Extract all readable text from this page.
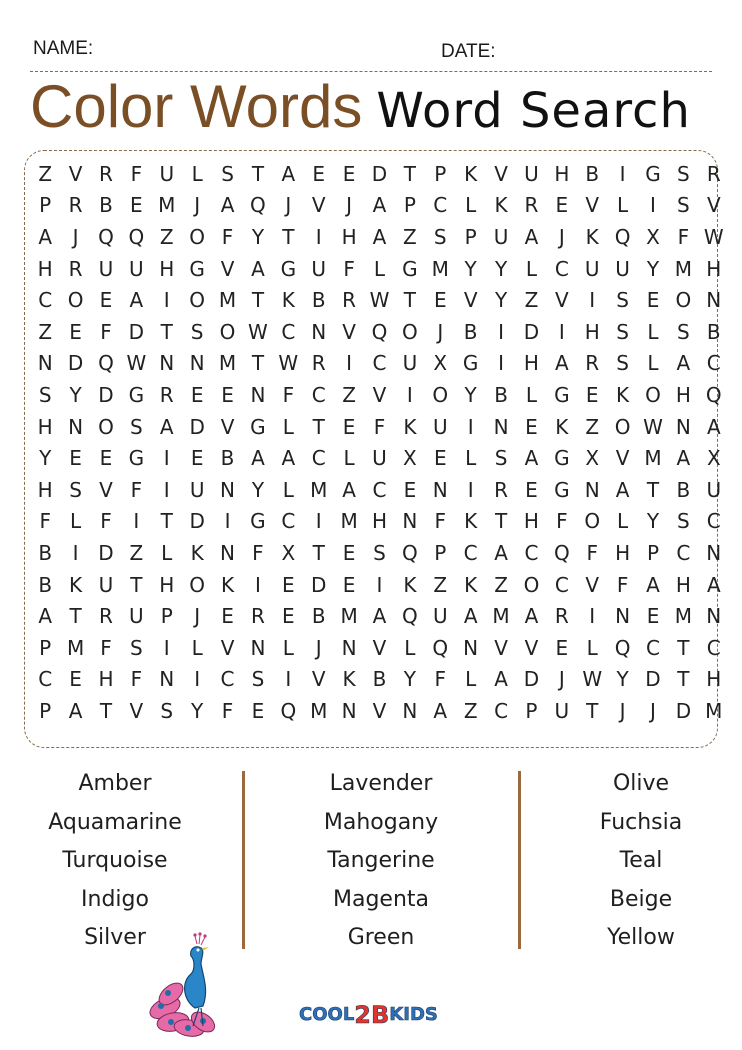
NAME:	DATE:
Color Words Word Search
Z V R F U L S T A E E D T P K V U H B	I G S R
P R B E M J	A Q J	V	J	A P C L K R E V L	I	S V
A	J Q Q Z O F Y T	I H A Z S P U A	J	K Q X F W
H R U U H G V A G U F L G M Y Y L C U U Y M H
C O E A	I O M T K B R W T E V Y Z V	I	S E O N
Z E F D T S O W C N V Q O J	B	I D I H S L S B
N D Q W N N M T W R	I	C U X G I H A R S L A C
S Y D G R E E N F C Z V	I O Y B L G E K O H Q
H N O S A D V G L T E F K U	I N E K Z O W N A
Y E E G I	E B A A C L U X E L S A G X V M A X
H S V F	I	U N Y L M A C E N I	R E G N A T B U
F L F	I	T D I G C	I M H N F K T H F O L Y S C
B	I D Z L K N F X T E S Q P C A C Q F H P C N
B K U T H O K	I	E D E	I	K Z K Z O C V F A H A
A T R U P	J	E R E B M A Q U A M A R	I N E M N
P M F S	I	L V N L	J N V L Q N V V E L Q C T C
C E H F N I	C S	I	V K B Y F L A D J W Y D T H
P A T V S Y F E Q M N V N A Z C P U T	J	J D M
Amber
Aquamarine
Turquoise
Indigo
Silver
Lavender
Mahogany
Tangerine
Magenta
Green
Olive
Fuchsia
Teal
Beige
Yellow
COOL2BKIDS
